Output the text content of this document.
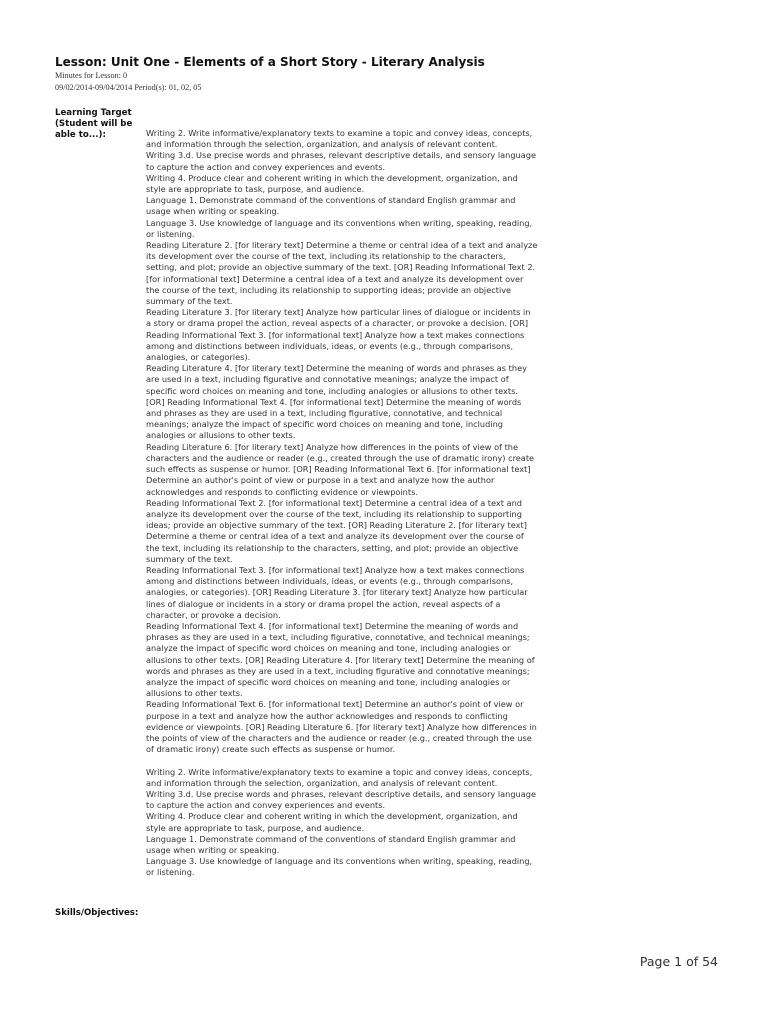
Lesson: Unit One - Elements of a Short Story - Literary Analysis
Minutes for Lesson: 0
09/02/2014-09/04/2014 Period(s): 01, 02, 05
Learning Target (Student will be able to...):	Writing 2. Write informative/explanatory texts to examine a topic and convey ideas, concepts, and information through the selection, organization, and analysis of relevant content.

Writing 3.d. Use precise words and phrases, relevant descriptive details, and sensory language to capture the action and convey experiences and events.

Writing 4. Produce clear and coherent writing in which the development, organization, and style are appropriate to task, purpose, and audience.

Language 1. Demonstrate command of the conventions of standard English grammar and usage when writing or speaking.

Language 3. Use knowledge of language and its conventions when writing, speaking, reading, or listening.

Reading Literature 2. [for literary text] Determine a theme or central idea of a text and analyze its development over the course of the text, including its relationship to the characters, setting, and plot; provide an objective summary of the text. [OR] Reading Informational Text 2. [for informational text] Determine a central idea of a text and analyze its development over the course of the text, including its relationship to supporting ideas; provide an objective summary of the text.

Reading Literature 3. [for literary text] Analyze how particular lines of dialogue or incidents in a story or drama propel the action, reveal aspects of a character, or provoke a decision. [OR] Reading Informational Text 3. [for informational text] Analyze how a text makes connections among and distinctions between individuals, ideas, or events (e.g., through comparisons, analogies, or categories).

Reading Literature 4. [for literary text] Determine the meaning of words and phrases as they are used in a text, including figurative and connotative meanings; analyze the impact of specific word choices on meaning and tone, including analogies or allusions to other texts. [OR] Reading Informational Text 4. [for informational text] Determine the meaning of words and phrases as they are used in a text, including figurative, connotative, and technical meanings; analyze the impact of specific word choices on meaning and tone, including analogies or allusions to other texts.

Reading Literature 6. [for literary text] Analyze how differences in the points of view of the characters and the audience or reader (e.g., created through the use of dramatic irony) create such effects as suspense or humor. [OR] Reading Informational Text 6. [for informational text] Determine an author's point of view or purpose in a text and analyze how the author acknowledges and responds to conflicting evidence or viewpoints.

Reading Informational Text 2. [for informational text] Determine a central idea of a text and analyze its development over the course of the text, including its relationship to supporting ideas; provide an objective summary of the text. [OR] Reading Literature 2. [for literary text] Determine a theme or central idea of a text and analyze its development over the course of the text, including its relationship to the characters, setting, and plot; provide an objective summary of the text.

Reading Informational Text 3. [for informational text] Analyze how a text makes connections among and distinctions between individuals, ideas, or events (e.g., through comparisons, analogies, or categories). [OR] Reading Literature 3. [for literary text] Analyze how particular lines of dialogue or incidents in a story or drama propel the action, reveal aspects of a character, or provoke a decision.

Reading Informational Text 4. [for informational text] Determine the meaning of words and phrases as they are used in a text, including figurative, connotative, and technical meanings; analyze the impact of specific word choices on meaning and tone, including analogies or allusions to other texts. [OR] Reading Literature 4. [for literary text] Determine the meaning of words and phrases as they are used in a text, including figurative and connotative meanings; analyze the impact of specific word choices on meaning and tone, including analogies or allusions to other texts.

Reading Informational Text 6. [for informational text] Determine an author's point of view or purpose in a text and analyze how the author acknowledges and responds to conflicting evidence or viewpoints. [OR] Reading Literature 6. [for literary text] Analyze how differences in the points of view of the characters and the audience or reader (e.g., created through the use of dramatic irony) create such effects as suspense or humor.

Writing 2. Write informative/explanatory texts to examine a topic and convey ideas, concepts, and information through the selection, organization, and analysis of relevant content.

Writing 3.d. Use precise words and phrases, relevant descriptive details, and sensory language to capture the action and convey experiences and events.

Writing 4. Produce clear and coherent writing in which the development, organization, and style are appropriate to task, purpose, and audience.

Language 1. Demonstrate command of the conventions of standard English grammar and usage when writing or speaking.

Language 3. Use knowledge of language and its conventions when writing, speaking, reading, or listening.

Skills/Objectives:
Page 1 of 54
